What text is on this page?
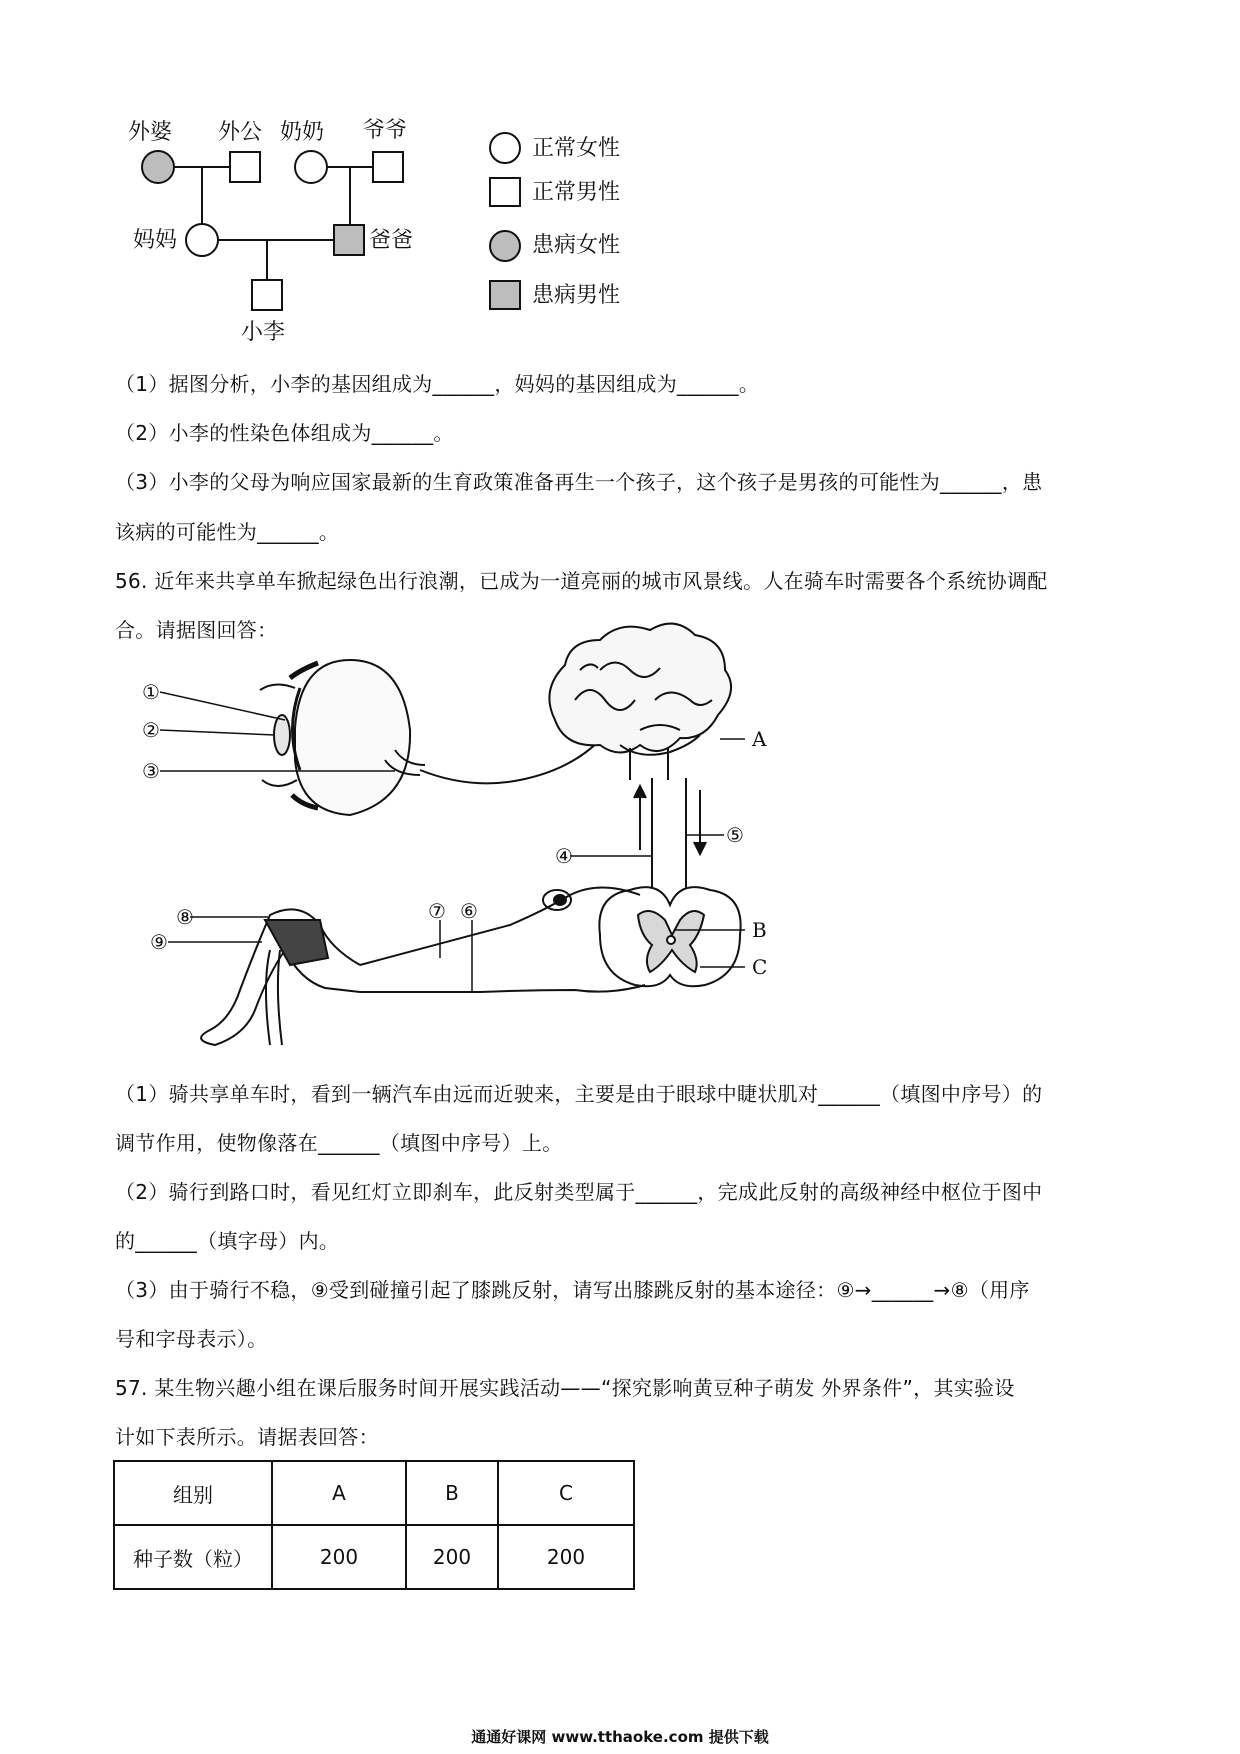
外婆 外公 奶奶 爷爷
妈妈	爸爸
小李
正常女性
正常男性
患病女性
患病男性
（1）据图分析，小李的基因组成为______，妈妈的基因组成为______。
（2）小李的性染色体组成为______。
（3）小李的父母为响应国家最新的生育政策准备再生一个孩子，这个孩子是男孩的可能性为______，患
该病的可能性为______。
56. 近年来共享单车掀起绿色出行浪潮，已成为一道亮丽的城市风景线。人在骑车时需要各个系统协调配
合。请据图回答：
①
②
③
A
④
⑤
⑦ ⑥
⑧
⑨	B
C
（1）骑共享单车时，看到一辆汽车由远而近驶来，主要是由于眼球中睫状肌对______（填图中序号）的
调节作用，使物像落在______（填图中序号）上。
（2）骑行到路口时，看见红灯立即刹车，此反射类型属于______，完成此反射的高级神经中枢位于图中
的______（填字母）内。
（3）由于骑行不稳，⑨受到碰撞引起了膝跳反射，请写出膝跳反射的基本途径：⑨→______→⑧（用序
号和字母表示）。
57. 某生物兴趣小组在课后服务时间开展实践活动——“探究影响黄豆种子萌发 外界条件”，其实验设
计如下表所示。请据表回答：
组别	A	B	C
种子数（粒）	200	200	200
通通好课网 www.tthaoke.com 提供下载
